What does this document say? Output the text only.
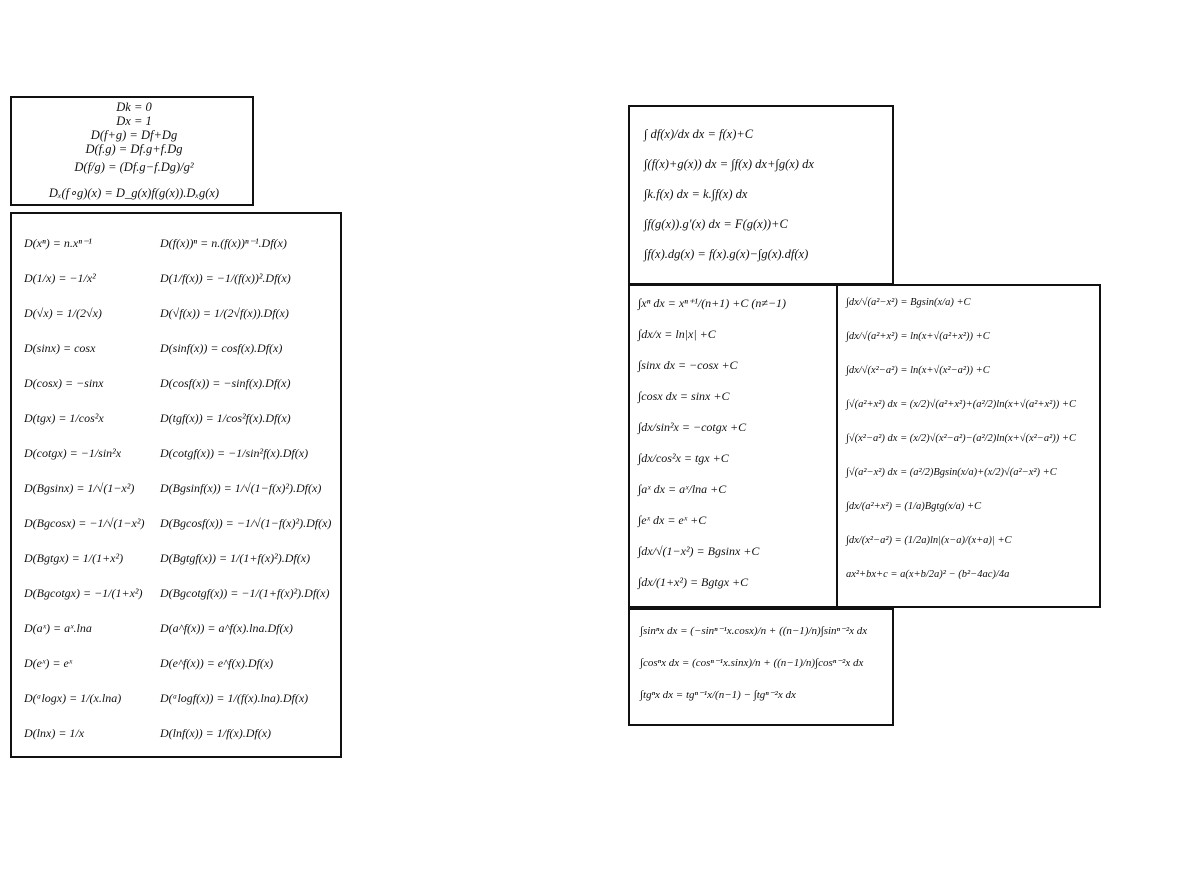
Dk = 0
Dx = 1
D(f+g) = Df+Dg
D(f.g) = Df.g+f.Dg
D(f/g) = (Df.g−f.Dg)/g²
Dₓ(f∘g)(x) = D_g(x)f(g(x)).Dₓg(x)
D(xⁿ) = n.xⁿ⁻¹
D(1/x) = −1/x²
D(√x) = 1/(2√x)
D(sinx) = cosx
D(cosx) = −sinx
D(tgx) = 1/cos²x
D(cotgx) = −1/sin²x
D(Bgsinx) = 1/√(1−x²)
D(Bgcosx) = −1/√(1−x²)
D(Bgtgx) = 1/(1+x²)
D(Bgcotgx) = −1/(1+x²)
D(aˣ) = aˣ.lna
D(eˣ) = eˣ
D(ᵃlogx) = 1/(x.lna)
D(lnx) = 1/x
D(f(x))ⁿ = n.(f(x))ⁿ⁻¹.Df(x)
D(1/f(x)) = −1/(f(x))².Df(x)
D(√f(x)) = 1/(2√f(x)).Df(x)
D(sinf(x)) = cosf(x).Df(x)
D(cosf(x)) = −sinf(x).Df(x)
D(tgf(x)) = 1/cos²f(x).Df(x)
D(cotgf(x)) = −1/sin²f(x).Df(x)
D(Bgsinf(x)) = 1/√(1−f(x)²).Df(x)
D(Bgcosf(x)) = −1/√(1−f(x)²).Df(x)
D(Bgtgf(x)) = 1/(1+f(x)²).Df(x)
D(Bgcotgf(x)) = −1/(1+f(x)²).Df(x)
D(a^f(x)) = a^f(x).lna.Df(x)
D(e^f(x)) = e^f(x).Df(x)
D(ᵃlogf(x)) = 1/(f(x).lna).Df(x)
D(lnf(x)) = 1/f(x).Df(x)
∫ df(x)/dx dx = f(x)+C
∫(f(x)+g(x)) dx = ∫f(x) dx+∫g(x) dx
∫k.f(x) dx = k.∫f(x) dx
∫f(g(x)).g′(x) dx = F(g(x))+C
∫f(x).dg(x) = f(x).g(x)−∫g(x).df(x)
∫xⁿ dx = xⁿ⁺¹/(n+1) +C (n≠−1)
∫dx/x = ln|x| +C
∫sinx dx = −cosx +C
∫cosx dx = sinx +C
∫dx/sin²x = −cotgx +C
∫dx/cos²x = tgx +C
∫aˣ dx = aˣ/lna +C
∫eˣ dx = eˣ +C
∫dx/√(1−x²) = Bgsinx +C
∫dx/(1+x²) = Bgtgx +C
∫dx/√(a²−x²) = Bgsin(x/a) +C
∫dx/√(a²+x²) = ln(x+√(a²+x²)) +C
∫dx/√(x²−a²) = ln(x+√(x²−a²)) +C
∫√(a²+x²) dx = (x/2)√(a²+x²)+(a²/2)ln(x+√(a²+x²)) +C
∫√(x²−a²) dx = (x/2)√(x²−a²)−(a²/2)ln(x+√(x²−a²)) +C
∫√(a²−x²) dx = (a²/2)Bgsin(x/a)+(x/2)√(a²−x²) +C
∫dx/(a²+x²) = (1/a)Bgtg(x/a) +C
∫dx/(x²−a²) = (1/2a)ln|(x−a)/(x+a)| +C
ax²+bx+c = a(x+b/2a)² − (b²−4ac)/4a
∫sinⁿx dx = (−sinⁿ⁻¹x.cosx)/n + ((n−1)/n)∫sinⁿ⁻²x dx
∫cosⁿx dx = (cosⁿ⁻¹x.sinx)/n + ((n−1)/n)∫cosⁿ⁻²x dx
∫tgⁿx dx = tgⁿ⁻¹x/(n−1) − ∫tgⁿ⁻²x dx
